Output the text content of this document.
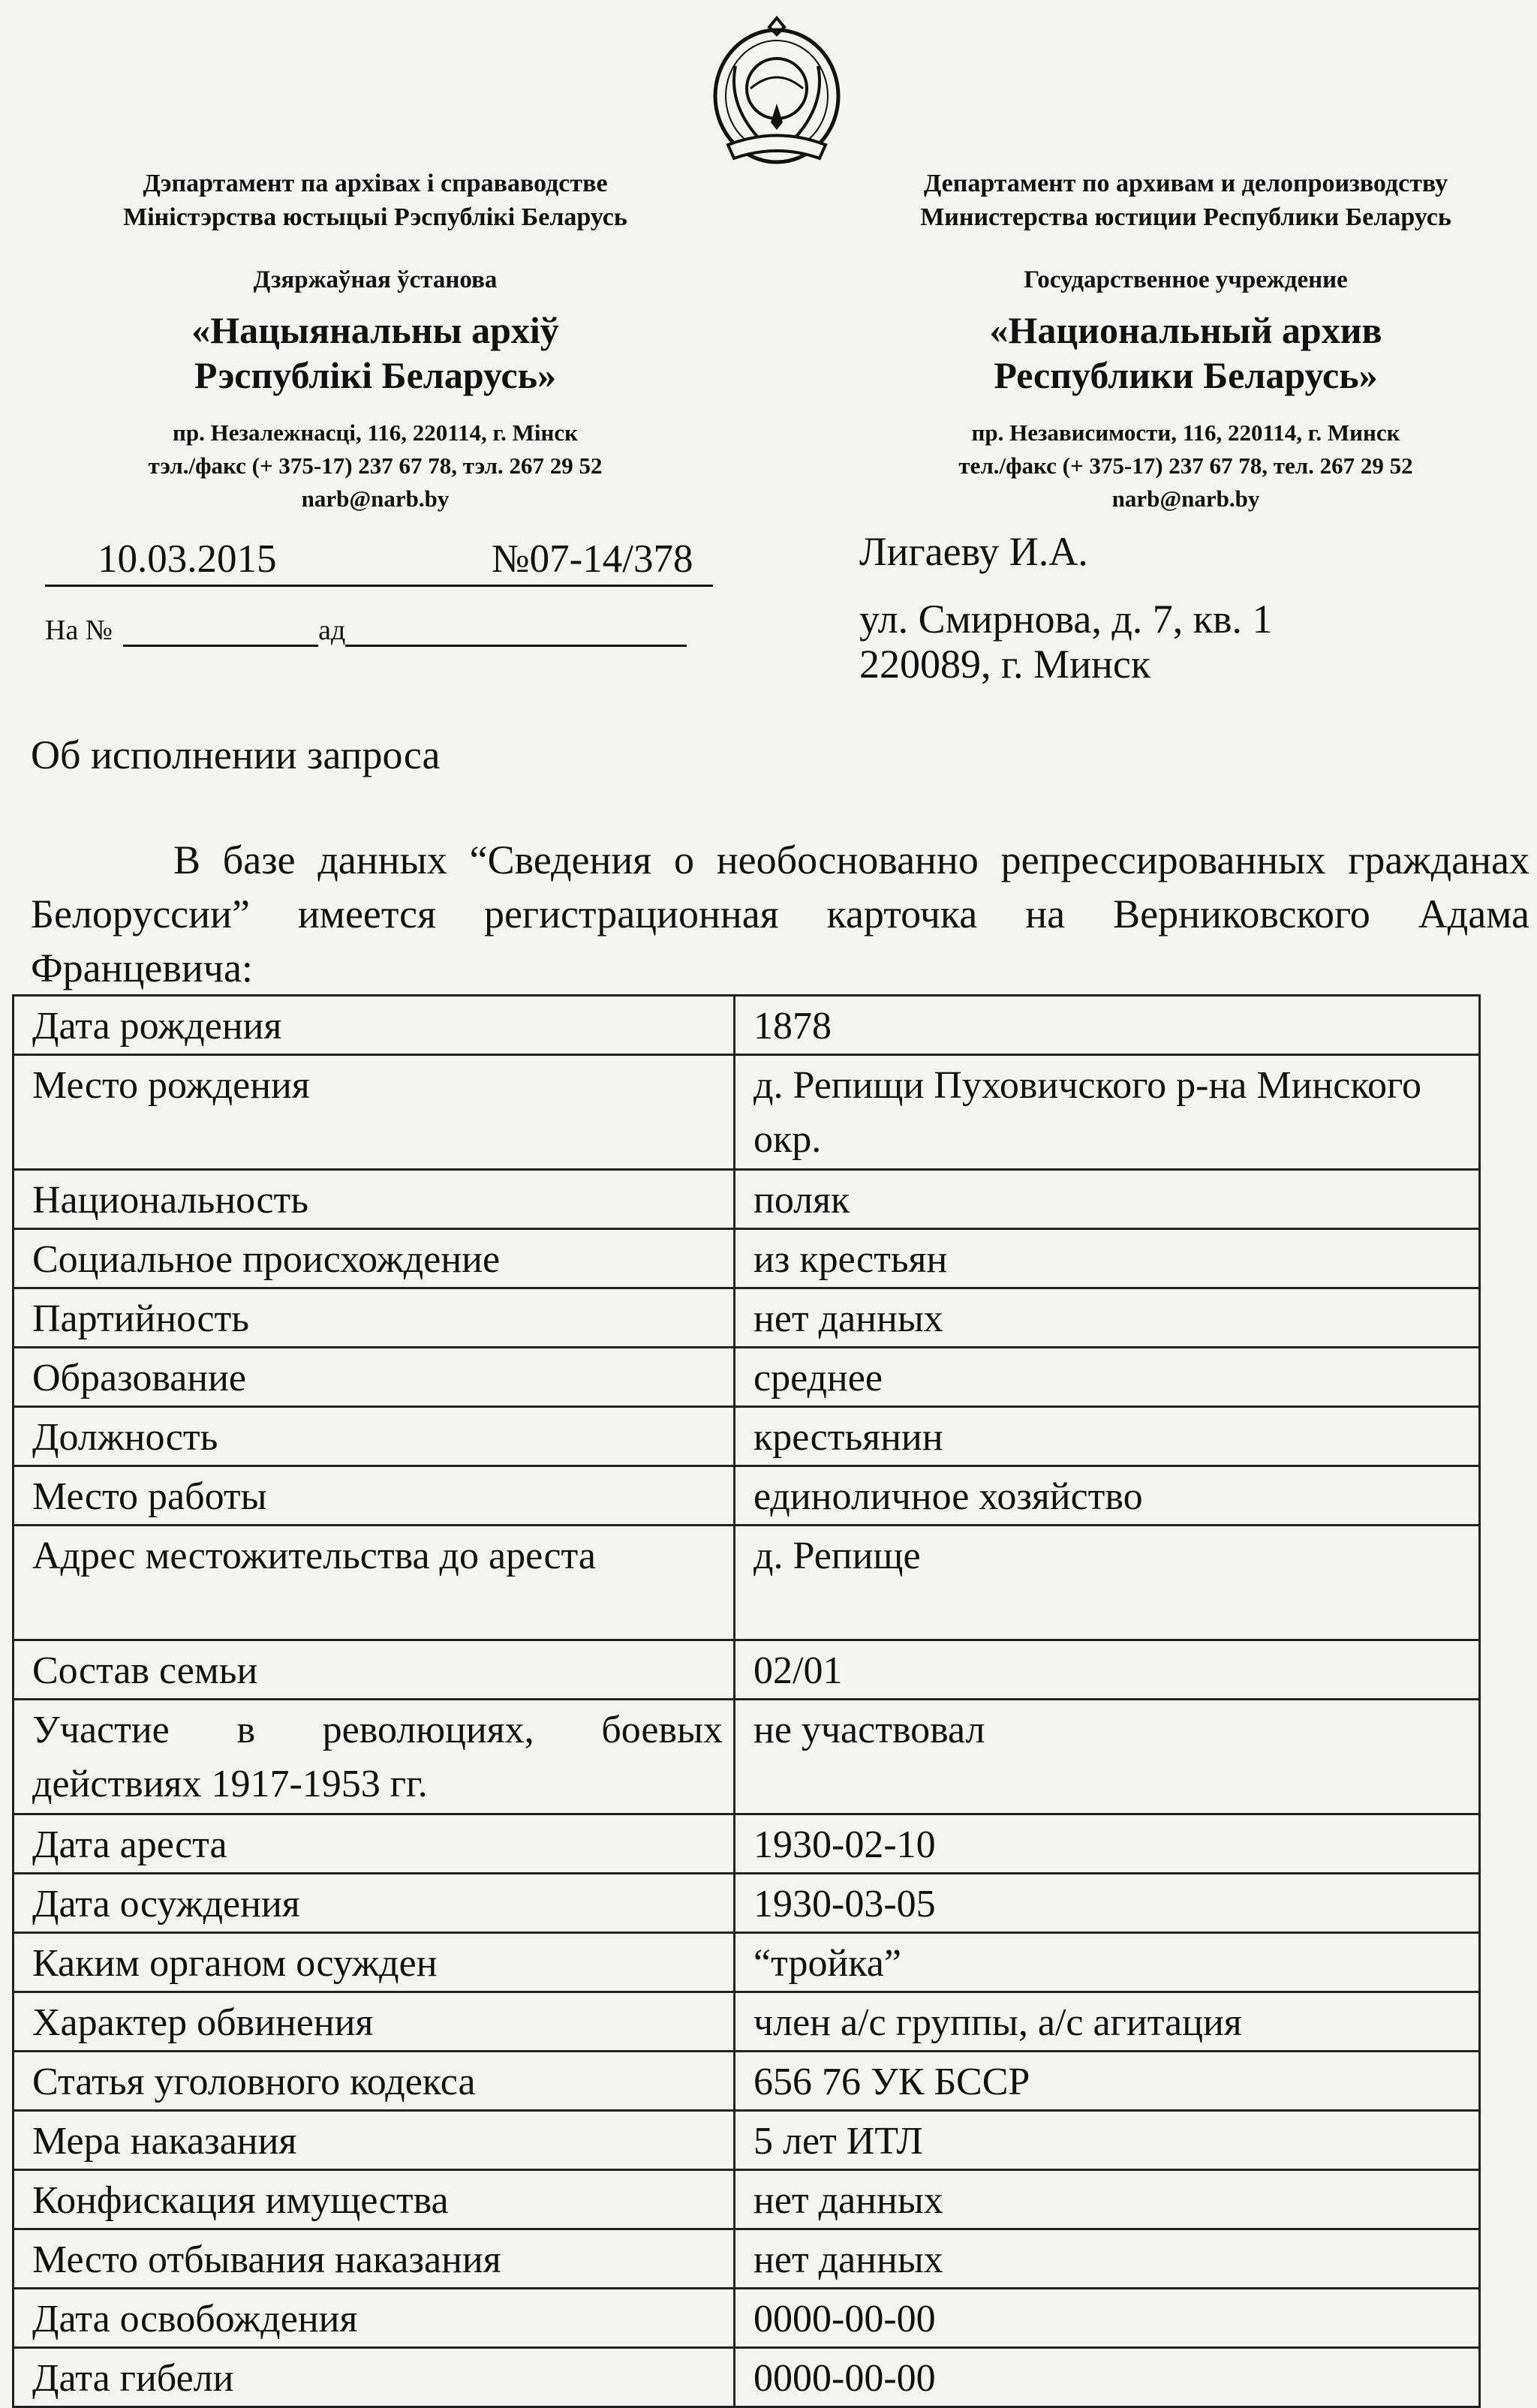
Дэпартамент па архівах і справаводстве
Міністэрства юстыцыі Рэспублікі Беларусь
Департамент по архивам и делопроизводству
Министерства юстиции Республики Беларусь
Дзяржаўная ўстанова	Государственное учреждение
«Нацыянальны архіў
Рэспублікі Беларусь»
«Национальный архив
Республики Беларусь»
пр. Незалежнасці, 116, 220114, г. Мінск
тэл./факс (+ 375-17) 237 67 78, тэл. 267 29 52
narb@narb.by
пр. Независимости, 116, 220114, г. Минск
тел./факс (+ 375-17) 237 67 78, тел. 267 29 52
narb@narb.by
10.03.2015	№07-14/378
На №	ад
Лигаеву И.А.
ул. Смирнова, д. 7, кв. 1
220089, г. Минск
Об исполнении запроса
В базе данных “Сведения о необоснованно репрессированных гражданах Белоруссии” имеется регистрационная карточка на Верниковского Адама Францевича:
Дата рождения	1878
Место рождения	д. Репищи Пуховичского р-на Минского окр.
Национальность	поляк
Социальное происхождение	из крестьян
Партийность	нет данных
Образование	среднее
Должность	крестьянин
Место работы	единоличное хозяйство
Адрес местожительства до ареста	д. Репище
Состав семьи	02/01
Участие в революциях, боевых действиях 1917-1953 гг.	не участвовал
Дата ареста	1930-02-10
Дата осуждения	1930-03-05
Каким органом осужден	“тройка”
Характер обвинения	член а/с группы, а/с агитация
Статья уголовного кодекса	656 76 УК БССР
Мера наказания	5 лет ИТЛ
Конфискация имущества	нет данных
Место отбывания наказания	нет данных
Дата освобождения	0000-00-00
Дата гибели	0000-00-00
